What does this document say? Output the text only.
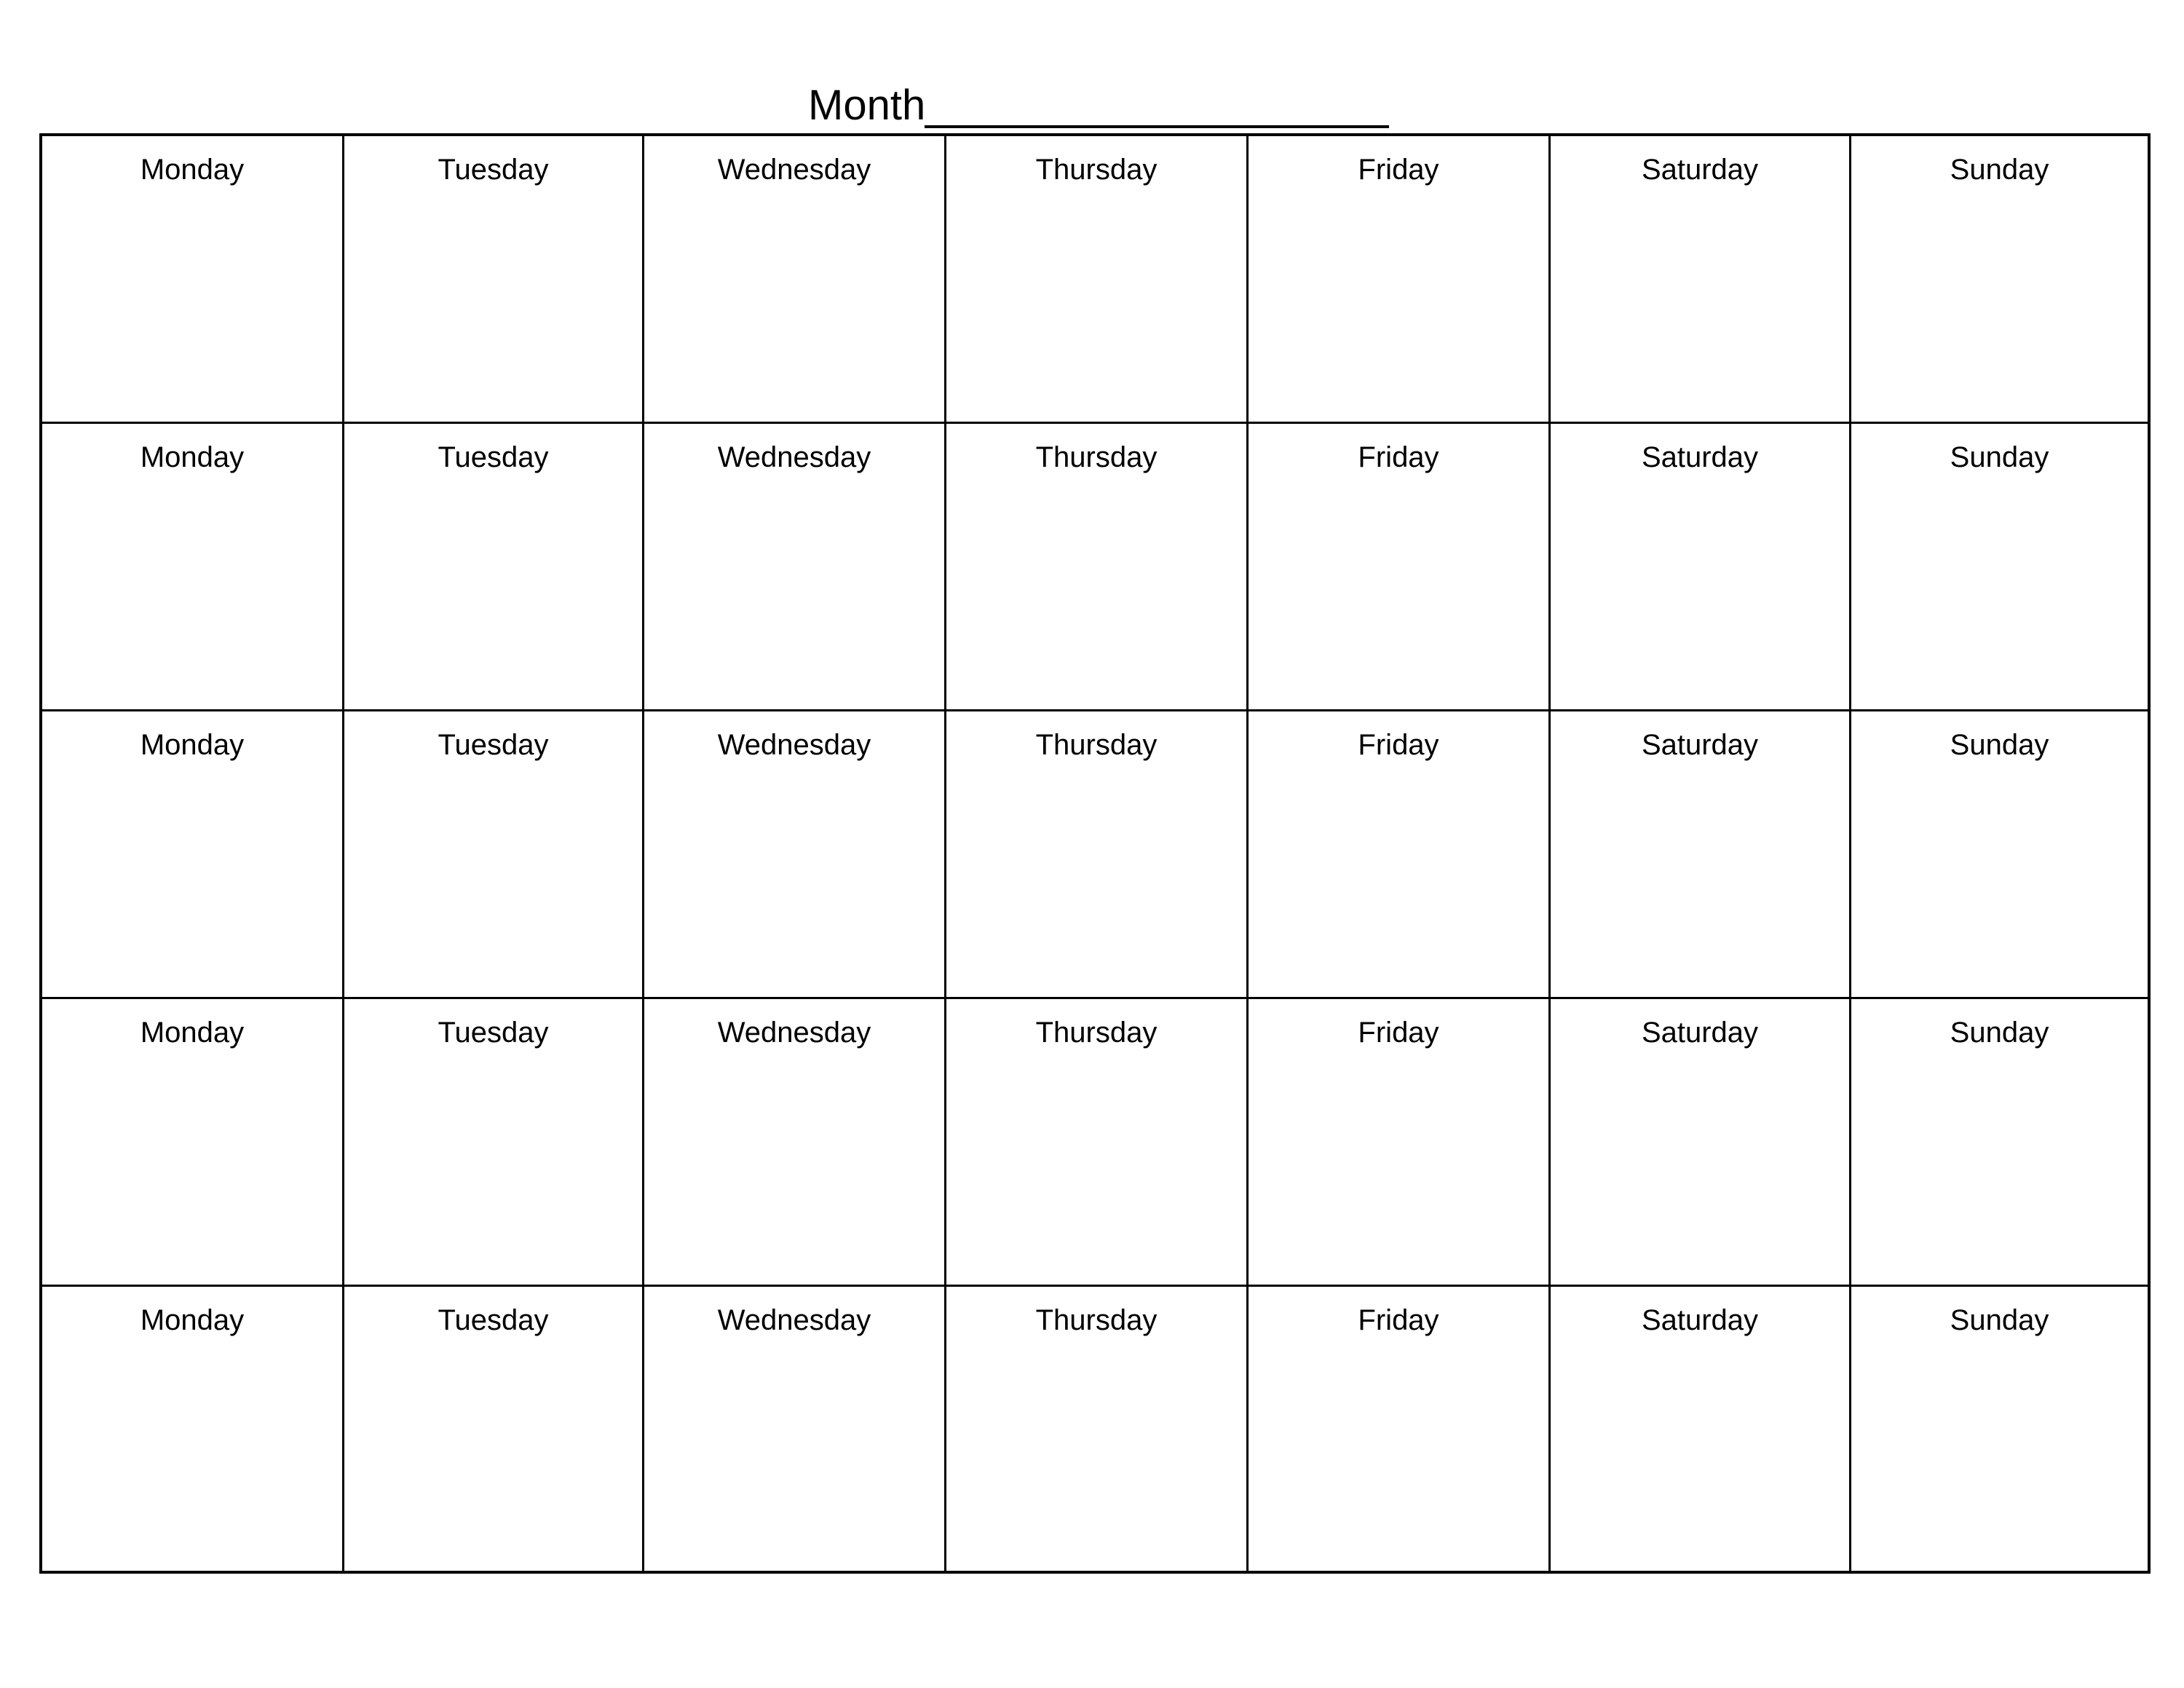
Month
Monday	Tuesday	Wednesday	Thursday	Friday	Saturday	Sunday
Monday	Tuesday	Wednesday	Thursday	Friday	Saturday	Sunday
Monday	Tuesday	Wednesday	Thursday	Friday	Saturday	Sunday
Monday	Tuesday	Wednesday	Thursday	Friday	Saturday	Sunday
Monday	Tuesday	Wednesday	Thursday	Friday	Saturday	Sunday
